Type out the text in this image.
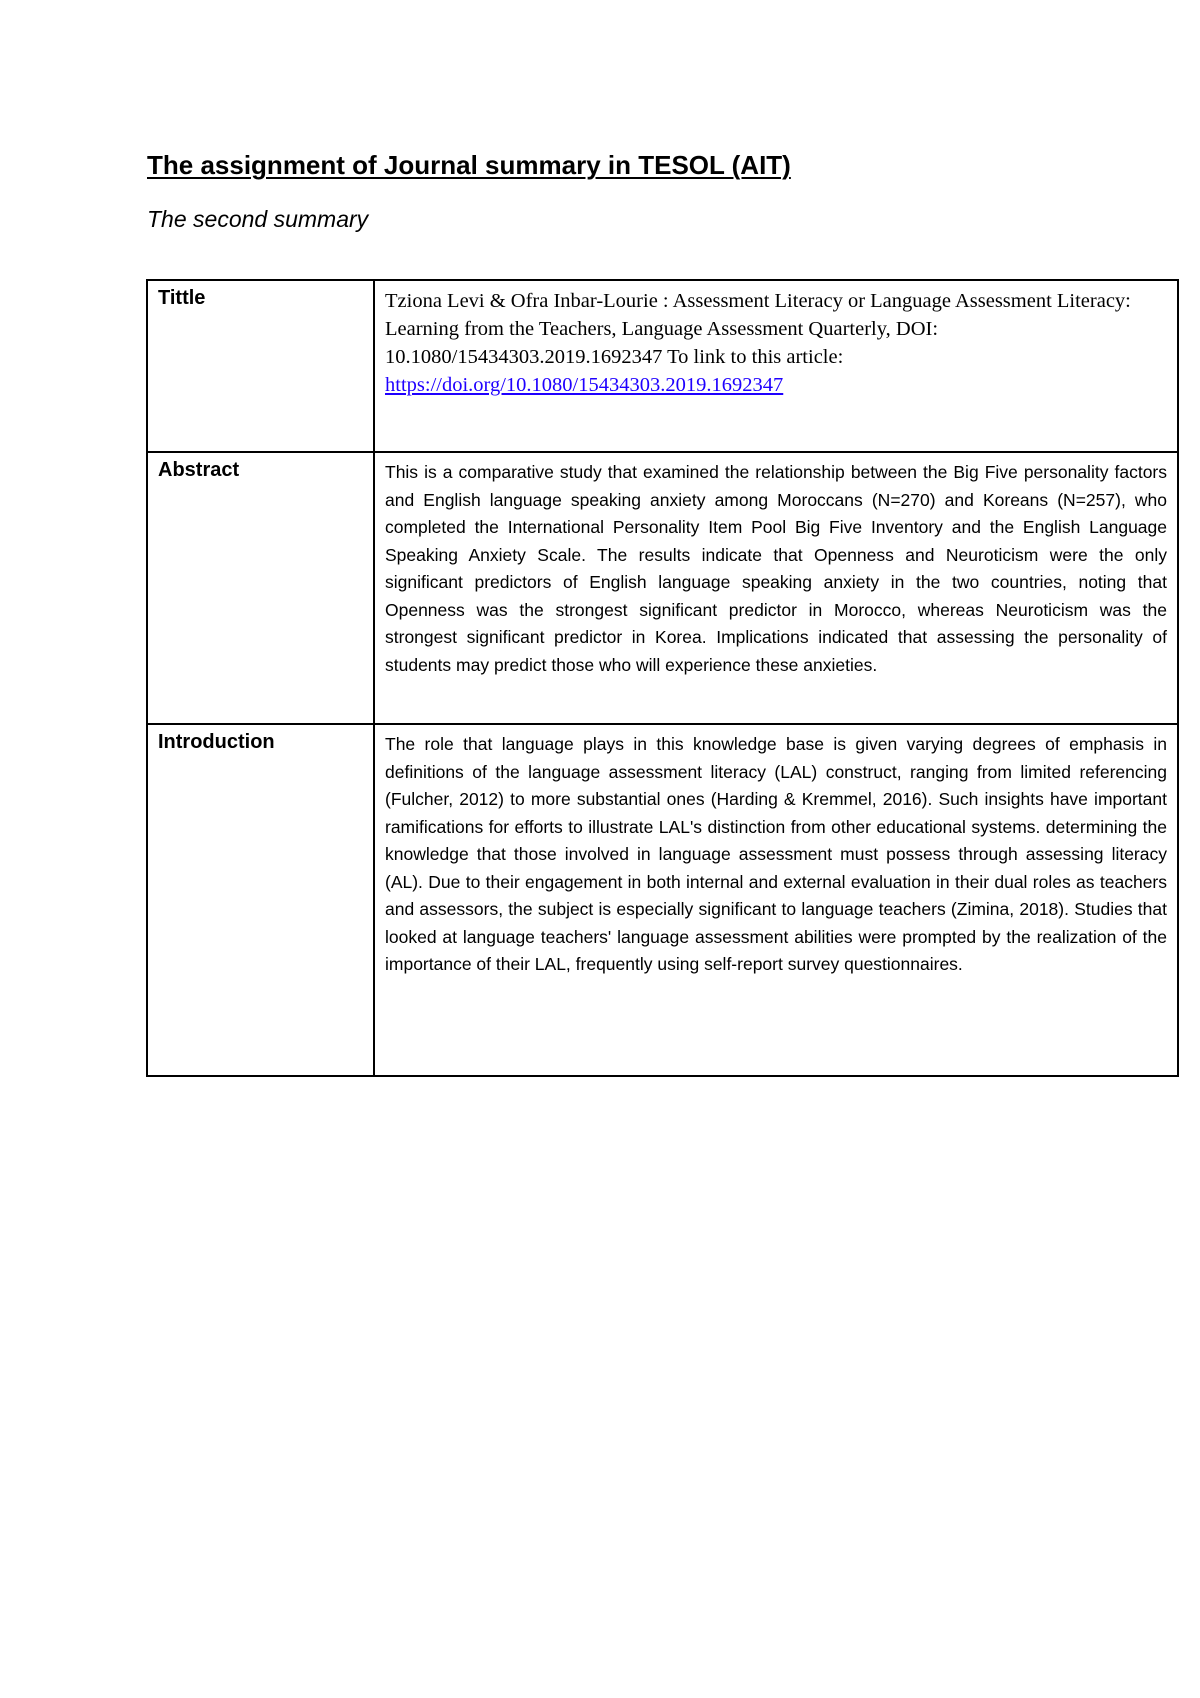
The assignment of Journal summary in TESOL (AIT)
The second summary
Tittle	Tziona Levi & Ofra Inbar-Lourie : Assessment Literacy or Language Assessment Literacy: Learning from the Teachers, Language Assessment Quarterly, DOI: 10.1080/15434303.2019.1692347 To link to this article: https://doi.org/10.1080/15434303.2019.1692347
Abstract	This is a comparative study that examined the relationship between the Big Five personality factors and English language speaking anxiety among Moroccans (N=270) and Koreans (N=257), who completed the International Personality Item Pool Big Five Inventory and the English Language Speaking Anxiety Scale. The results indicate that Openness and Neuroticism were the only significant predictors of English language speaking anxiety in the two countries, noting that Openness was the strongest significant predictor in Morocco, whereas Neuroticism was the strongest significant predictor in Korea. Implications indicated that assessing the personality of students may predict those who will experience these anxieties.
Introduction	The role that language plays in this knowledge base is given varying degrees of emphasis in definitions of the language assessment literacy (LAL) construct, ranging from limited referencing (Fulcher, 2012) to more substantial ones (Harding & Kremmel, 2016). Such insights have important ramifications for efforts to illustrate LAL's distinction from other educational systems. determining the knowledge that those involved in language assessment must possess through assessing literacy (AL). Due to their engagement in both internal and external evaluation in their dual roles as teachers and assessors, the subject is especially significant to language teachers (Zimina, 2018). Studies that looked at language teachers' language assessment abilities were prompted by the realization of the importance of their LAL, frequently using self-report survey questionnaires.
